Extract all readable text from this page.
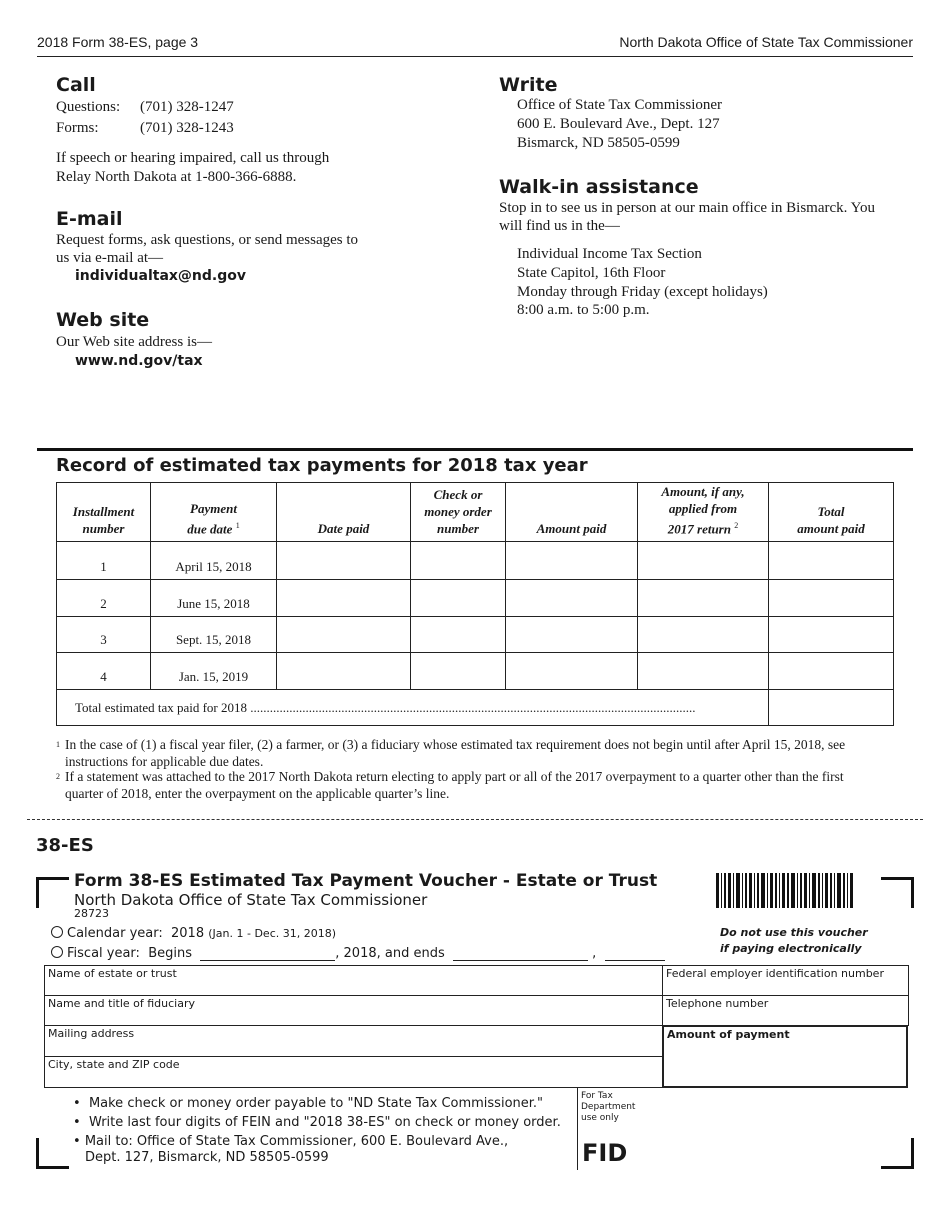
2018 Form 38-ES, page 3	North Dakota Office of State Tax Commissioner
Call
Questions: (701) 328-1247
Forms:	(701) 328-1243
If speech or hearing impaired, call us through
Relay North Dakota at 1-800-366-6888.
E-mail
Request forms, ask questions, or send messages to
us via e-mail at—
individualtax@nd.gov
Web site
Our Web site address is—
www.nd.gov/tax
Write
Office of State Tax Commissioner
600 E. Boulevard Ave., Dept. 127
Bismarck, ND 58505-0599
Walk-in assistance
Stop in to see us in person at our main office in Bismarck. You
will find us in the—
Individual Income Tax Section
State Capitol, 16th Floor
Monday through Friday (except holidays)
8:00 a.m. to 5:00 p.m.
Record of estimated tax payments for 2018 tax year
Installment
number	Payment
due date $^1$	Date paid	Check or
money order
number	Amount paid	Amount, if any,
applied from
2017 return $^2$	Total
amount paid
1	April 15, 2018					
2	June 15, 2018					
3	Sept. 15, 2018					
4	Jan. 15, 2019					
Total estimated tax paid for 2018 .........................................................................................................................................						
$^1$ In the case of (1) a fiscal year filer, (2) a farmer, or (3) a fiduciary whose estimated tax requirement does not begin until after April 15, 2018, see
instructions for applicable due dates.
$^2$ If a statement was attached to the 2017 North Dakota return electing to apply part or all of the 2017 overpayment to a quarter other than the first
quarter of 2018, enter the overpayment on the applicable quarter’s line.
38-ES
Form 38-ES Estimated Tax Payment Voucher - Estate or Trust
North Dakota Office of State Tax Commissioner
28723
Do not use this voucher
if paying electronically
Calendar year: 2018 (Jan. 1 - Dec. 31, 2018)
Fiscal year: Begins	, 2018, and ends	,
Name of estate or trust	Federal employer identification number
Name and title of fiduciary	Telephone number
Mailing address
City, state and ZIP code
Amount of payment
•  Make check or money order payable to "ND State Tax Commissioner."
•  Write last four digits of FEIN and "2018 38-ES" on check or money order.
• Mail to: Office of State Tax Commissioner, 600 E. Boulevard Ave.,
Dept. 127, Bismarck, ND 58505-0599
For Tax
Department
use only
FID
